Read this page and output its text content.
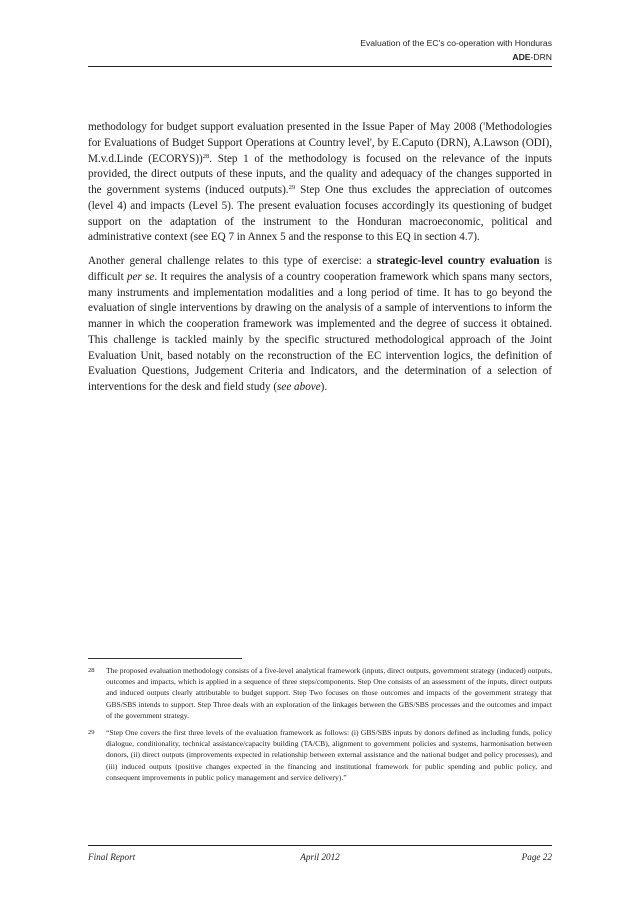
Evaluation of the EC's co-operation with Honduras
ADE-DRN

methodology for budget support evaluation presented in the Issue Paper of May 2008 ('Methodologies for Evaluations of Budget Support Operations at Country level', by E.Caputo (DRN), A.Lawson (ODI), M.v.d.Linde (ECORYS))$^{28}$. Step 1 of the methodology is focused on the relevance of the inputs provided, the direct outputs of these inputs, and the quality and adequacy of the changes supported in the government systems (induced outputs).$^{29}$ Step One thus excludes the appreciation of outcomes (level 4) and impacts (Level 5). The present evaluation focuses accordingly its questioning of budget support on the adaptation of the instrument to the Honduran macroeconomic, political and administrative context (see EQ 7 in Annex 5 and the response to this EQ in section 4.7).

Another general challenge relates to this type of exercise: a strategic-level country evaluation is difficult per se. It requires the analysis of a country cooperation framework which spans many sectors, many instruments and implementation modalities and a long period of time. It has to go beyond the evaluation of single interventions by drawing on the analysis of a sample of interventions to inform the manner in which the cooperation framework was implemented and the degree of success it obtained. This challenge is tackled mainly by the specific structured methodological approach of the Joint Evaluation Unit, based notably on the reconstruction of the EC intervention logics, the definition of Evaluation Questions, Judgement Criteria and Indicators, and the determination of a selection of interventions for the desk and field study (see above).

28	The proposed evaluation methodology consists of a five-level analytical framework (inputs, direct outputs, government strategy (induced) outputs, outcomes and impacts, which is applied in a sequence of three steps/components. Step One consists of an assessment of the inputs, direct outputs and induced outputs clearly attributable to budget support. Step Two focuses on those outcomes and impacts of the government strategy that GBS/SBS intends to support. Step Three deals with an exploration of the linkages between the GBS/SBS processes and the outcomes and impact of the government strategy.
29	“Step One covers the first three levels of the evaluation framework as follows: (i) GBS/SBS inputs by donors defined as including funds, policy dialogue, conditionality, technical assistance/capacity building (TA/CB), alignment to government policies and systems, harmonisation between donors, (ii) direct outputs (improvements expected in relationship between external assistance and the national budget and policy processes), and (iii) induced outputs (positive changes expected in the financing and institutional framework for public spending and public policy, and consequent improvements in public policy management and service delivery).”
Final Report	April 2012	Page 22
